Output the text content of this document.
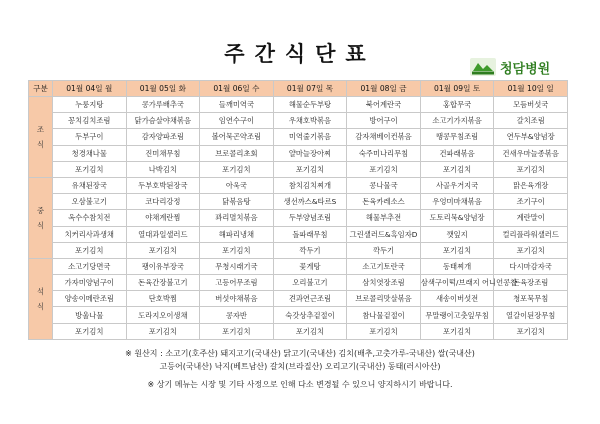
주간식단표
청담병원
구분	01월 04일 월	01월 05일 화	01월 06일 수	01월 07일 목	01월 08일 금	01월 09일 토	01월 10일 일

조
식	누룽지탕	콩가루배추국	들깨미역국	해물순두부탕	북어계란국	홍합무국	모듬버섯국
	꽁치김치조림	닭가슴살야채볶음	임연수구이	우채호박볶음	방어구이	소고기가지볶음	갈치조림
	두부구이	감자양파조림	볼어묵곤약조림	미역줄기볶음	감자채베이컨볶음	땡콩무침조림	연두부&양념장
	청경채나물	진미채무침	브로콜리초회	얄마늘장아찌	숙주미나리무침	건파래볶음	건새우마늘종볶음
	포기김치	나박김치	포기김치	포기김치	포기김치	포기김치	포기김치

중
식	유채된장국	두부호박된장국	아욱국	참치김치찌개	콩나물국	사골우거지국	맑은육개장
	오삼불고기	코다리강정	닭볶음탕	생선까스&타르S	돈육카레소스	우엉미마채볶음	조기구이
	옥수수참치전	야채계란찜	꽈리멸치볶음	두부양념조림	해물부추전	도토리묵&양념장	계란말이
	치커리사과생채	열대과일샐러드	해파리냉채	돌파래무침	그린샐러드&흑임자D	깻잎지	컬리플라워샐러드
	포기김치	포기김치	포기김치	깍두기	깍두기	포기김치	포기김치

석
식	소고기당면국	팽이유부장국	무청시래기국	꽃게탕	소고기토란국	동태찌개	다시마감자국
	가자미양념구이	돈육간장불고기	고등어무조림	오리불고기	삼치엿장조림	삼색구이떡/브래지 어니언콩찹	돈육장조림
	양송이메란조림	단호박찜	버섯야채볶음	견과연근조림	브로콜리맛살볶음	새송이버섯전	청포묵무침
	방울나물	도라지오이생채	콩자반	숙갓상추겉절이	참나물겉절이	무말랭이고춧잎무침	열갈이된장무침
	포기김치	포기김치	포기김치	포기김치	포기김치	포기김치	포기김치
※ 원산지 : 소고기(호주산) 돼지고기(국내산) 닭고기(국내산) 김치(배추,고춧가루-국내산) 쌀(국내산)
고등어(국내산) 낙지(베트남산) 갈치(브라질산) 오리고기(국내산) 동태(러시아산)
※ 상기 메뉴는 시장 및 기타 사정으로 인해 다소 변경될 수 있으니 양지하시기 바랍니다.
